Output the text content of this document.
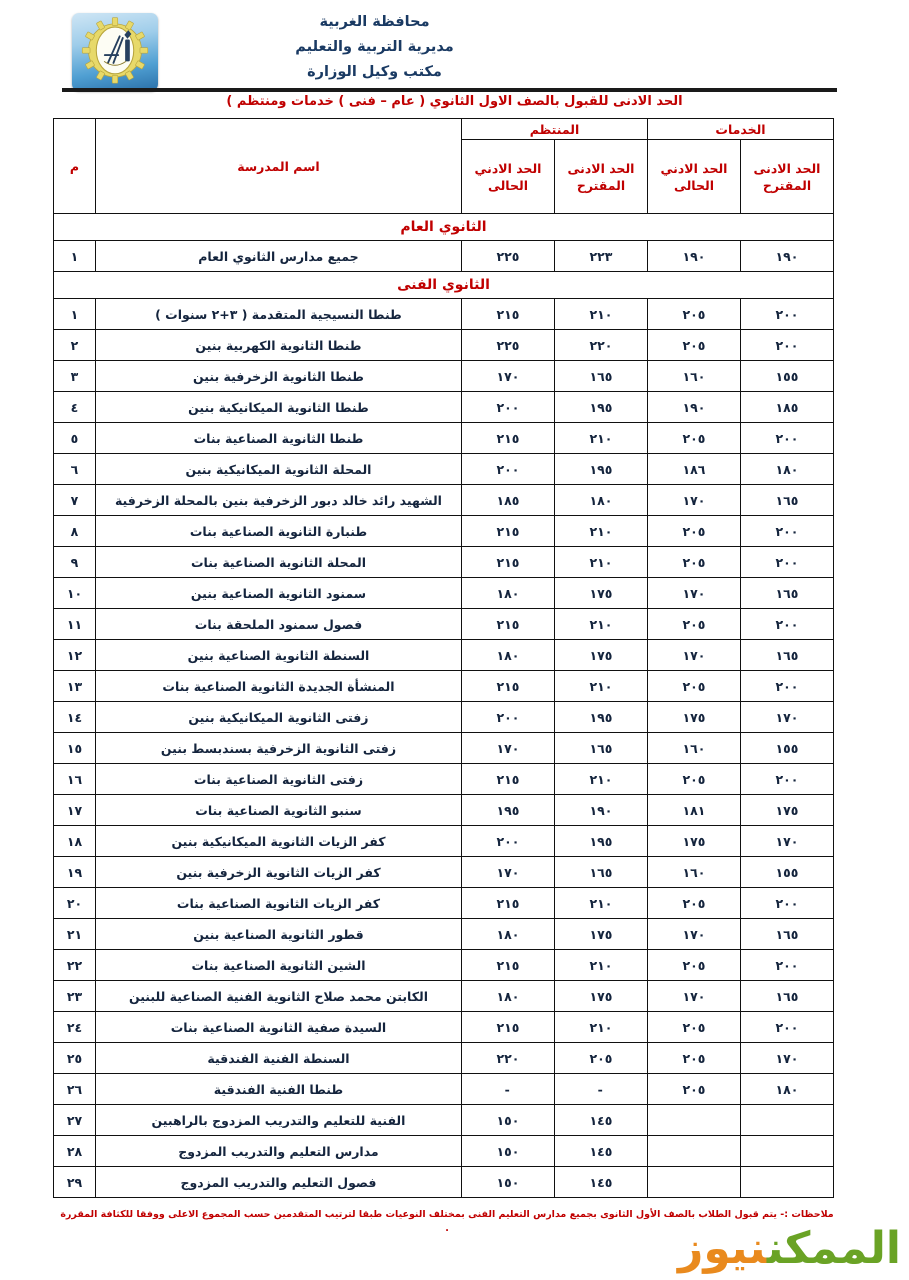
محافظة الغربية
مديرية التربية والتعليم
مكتب وكيل الوزارة
الحد الادنى للقبول بالصف الاول الثانوي ( عام – فنى ) خدمات ومنتظم )
الخدمات		المنتظم		اسم المدرسة	م
الحد الادنى المقترح	الحد الادني الحالى	الحد الادنى المقترح	الحد الادني الحالى		
الثانوي العام					
١٩٠	١٩٠	٢٢٣	٢٢٥	جميع مدارس الثانوي العام	١
الثانوي الفنى					
٢٠٠	٢٠٥	٢١٠	٢١٥	طنطا النسيجية المتقدمة ( ٣+٢ سنوات )	١
٢٠٠	٢٠٥	٢٢٠	٢٢٥	طنطا الثانوية الكهربية بنين	٢
١٥٥	١٦٠	١٦٥	١٧٠	طنطا الثانوية الزخرفية بنين	٣
١٨٥	١٩٠	١٩٥	٢٠٠	طنطا الثانوية الميكانيكية بنين	٤
٢٠٠	٢٠٥	٢١٠	٢١٥	طنطا الثانوية الصناعية بنات	٥
١٨٠	١٨٦	١٩٥	٢٠٠	المحلة الثانوية الميكانيكية بنين	٦
١٦٥	١٧٠	١٨٠	١٨٥	الشهيد رائد خالد دبور الزخرفية بنين بالمحلة الزخرفية	٧
٢٠٠	٢٠٥	٢١٠	٢١٥	طنبارة الثانوية الصناعية بنات	٨
٢٠٠	٢٠٥	٢١٠	٢١٥	المحلة الثانوية الصناعية بنات	٩
١٦٥	١٧٠	١٧٥	١٨٠	سمنود الثانوية الصناعية بنين	١٠
٢٠٠	٢٠٥	٢١٠	٢١٥	فصول سمنود الملحقة بنات	١١
١٦٥	١٧٠	١٧٥	١٨٠	السنطة الثانوية الصناعية بنين	١٢
٢٠٠	٢٠٥	٢١٠	٢١٥	المنشأة الجديدة الثانوية الصناعية بنات	١٣
١٧٠	١٧٥	١٩٥	٢٠٠	زفتى الثانوية الميكانيكية بنين	١٤
١٥٥	١٦٠	١٦٥	١٧٠	زفتى الثانوية الزخرفية بسندبسط بنين	١٥
٢٠٠	٢٠٥	٢١٠	٢١٥	زفتى الثانوية الصناعية بنات	١٦
١٧٥	١٨١	١٩٠	١٩٥	سنبو الثانوية الصناعية بنات	١٧
١٧٠	١٧٥	١٩٥	٢٠٠	كفر الزيات الثانوية الميكانيكية بنين	١٨
١٥٥	١٦٠	١٦٥	١٧٠	كفر الزيات الثانوية الزخرفية بنين	١٩
٢٠٠	٢٠٥	٢١٠	٢١٥	كفر الزيات الثانوية الصناعية بنات	٢٠
١٦٥	١٧٠	١٧٥	١٨٠	قطور الثانوية الصناعية بنين	٢١
٢٠٠	٢٠٥	٢١٠	٢١٥	الشين الثانوية الصناعية بنات	٢٢
١٦٥	١٧٠	١٧٥	١٨٠	الكابتن محمد صلاح الثانوية الفنية الصناعية للبنين	٢٣
٢٠٠	٢٠٥	٢١٠	٢١٥	السيدة صفية الثانوية الصناعية بنات	٢٤
١٧٠	٢٠٥	٢٠٥	٢٢٠	السنطة الفنية الفندقية	٢٥
١٨٠	٢٠٥	-	-	طنطا الفنية الفندقية	٢٦
		١٤٥	١٥٠	الفنية للتعليم والتدريب المزدوج بالراهبين	٢٧
		١٤٥	١٥٠	مدارس التعليم والتدريب المزدوج	٢٨
		١٤٥	١٥٠	فصول التعليم والتدريب المزدوج	٢٩
ملاحظات :- يتم قبول الطلاب بالصف الأول الثانوى بجميع مدارس التعليم الفنى بمختلف النوعيات طبقا لترتيب المتقدمين حسب المجموع الاعلى ووفقا للكثافة المقررة .	الممكننيوز
